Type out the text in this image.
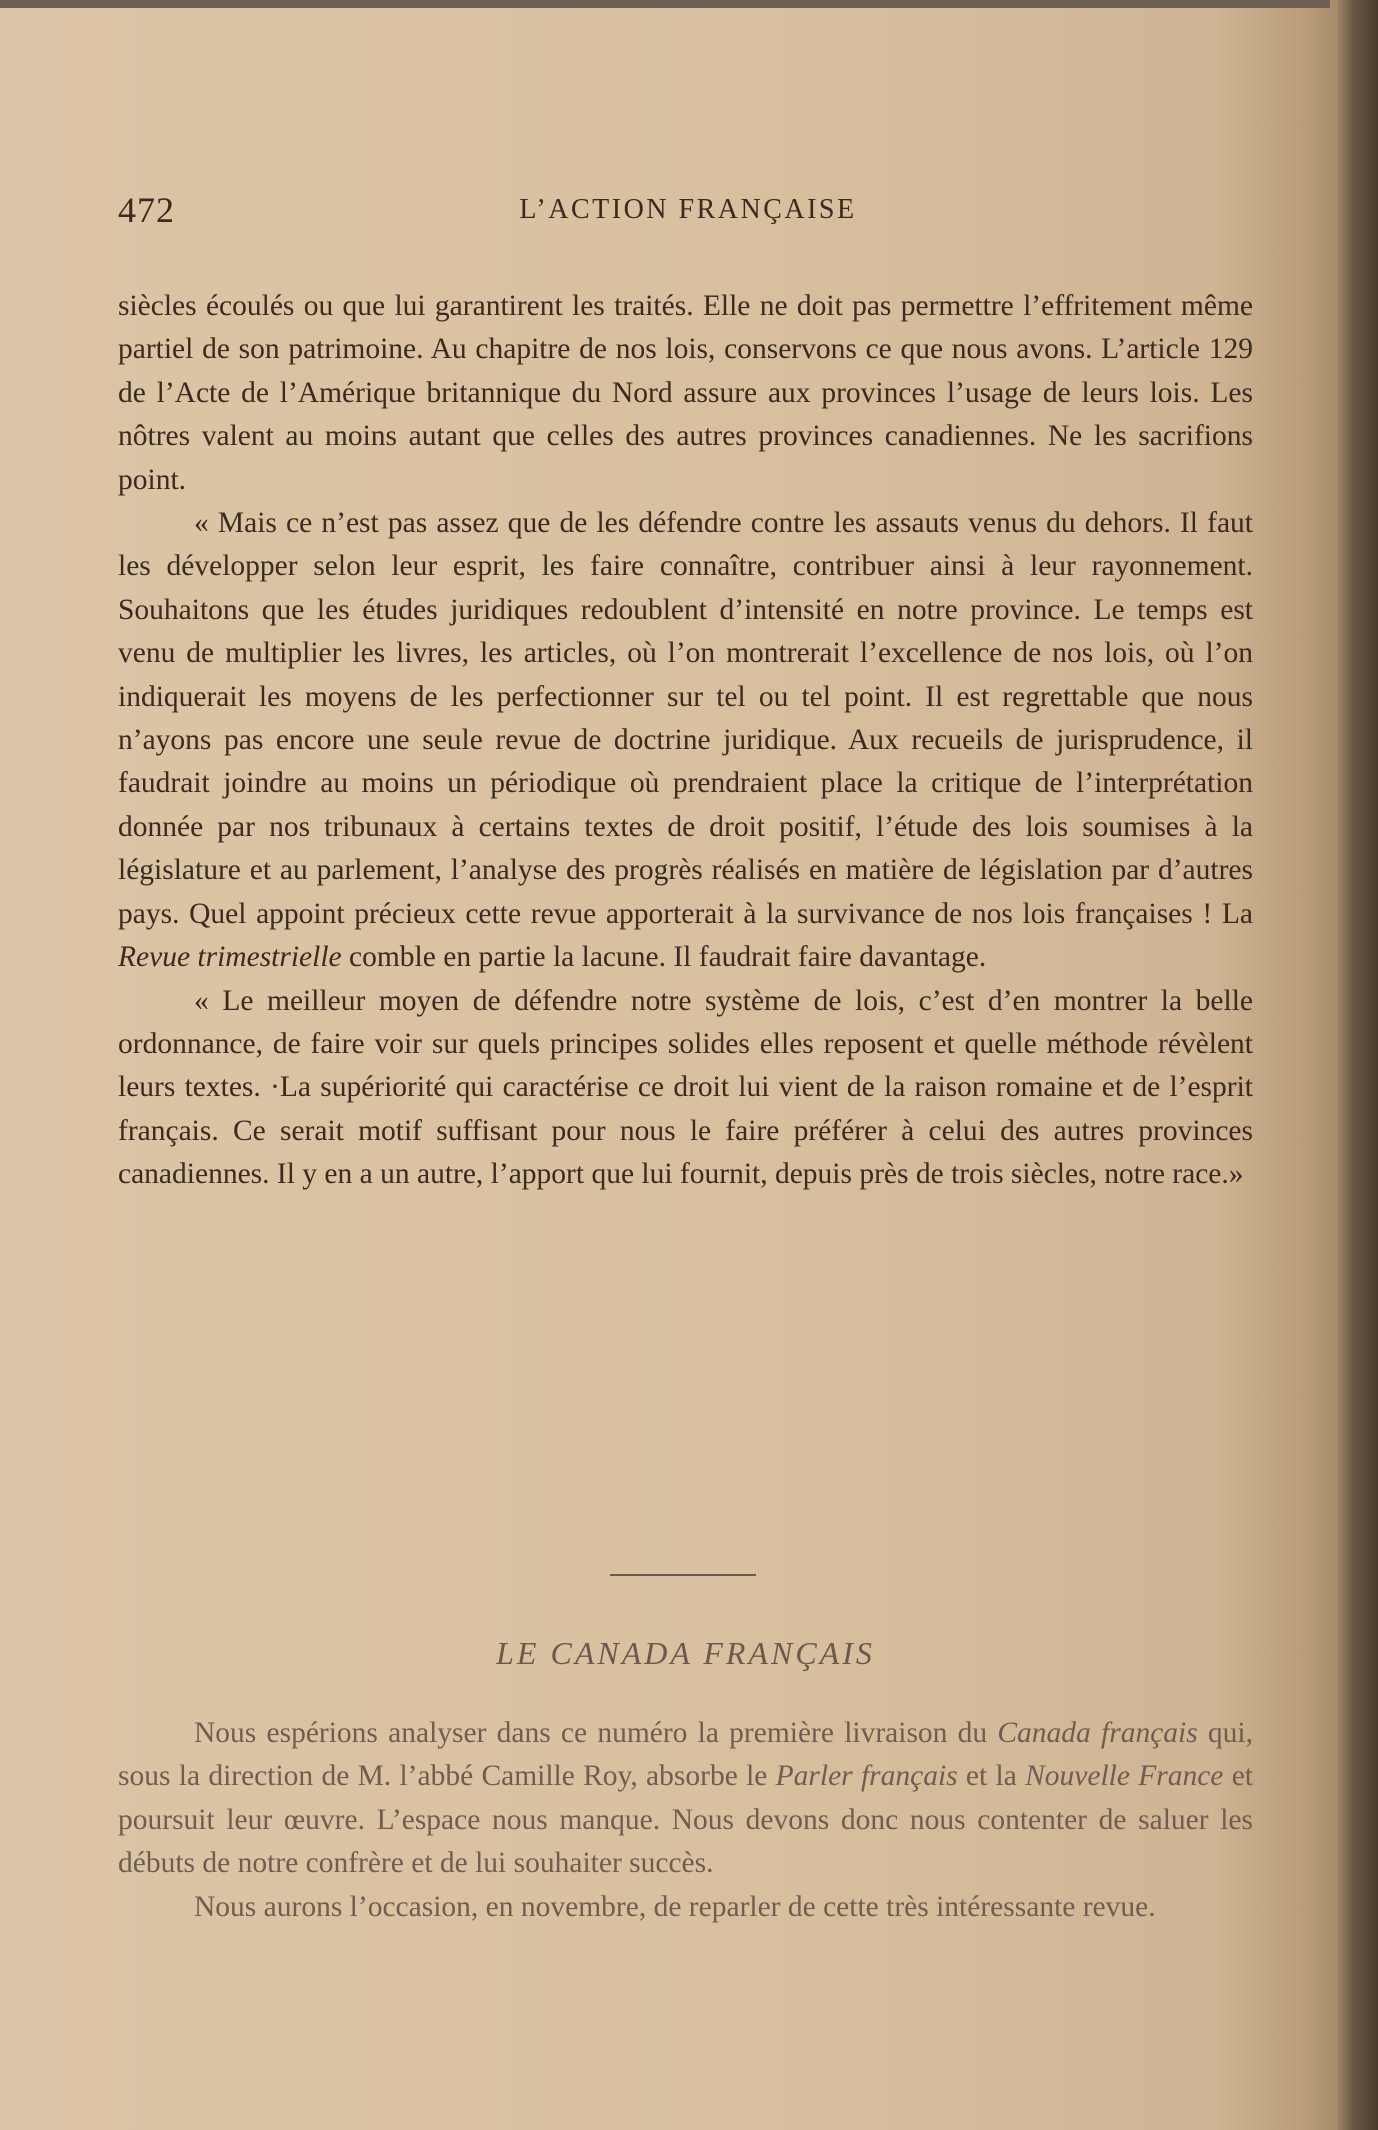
472	L’ACTION FRANÇAISE

siècles écoulés ou que lui garantirent les traités. Elle ne doit pas permettre l’effritement même partiel de son patrimoine. Au chapitre de nos lois, conservons ce que nous avons. L’article 129 de l’Acte de l’Amérique britannique du Nord assure aux provinces l’usage de leurs lois. Les nôtres valent au moins autant que celles des autres provinces canadiennes. Ne les sacrifions point.

« Mais ce n’est pas assez que de les défendre contre les assauts venus du dehors. Il faut les développer selon leur esprit, les faire connaître, contribuer ainsi à leur rayonnement. Souhaitons que les études juridiques redoublent d’intensité en notre province. Le temps est venu de multiplier les livres, les articles, où l’on montrerait l’excellence de nos lois, où l’on indiquerait les moyens de les perfectionner sur tel ou tel point. Il est regrettable que nous n’ayons pas encore une seule revue de doctrine juridique. Aux recueils de jurisprudence, il faudrait joindre au moins un périodique où prendraient place la critique de l’interprétation donnée par nos tribunaux à certains textes de droit positif, l’étude des lois soumises à la législature et au parlement, l’analyse des progrès réalisés en matière de législation par d’autres pays. Quel appoint précieux cette revue apporterait à la survivance de nos lois françaises ! La Revue trimestrielle comble en partie la lacune. Il faudrait faire davantage.

« Le meilleur moyen de défendre notre système de lois, c’est d’en montrer la belle ordonnance, de faire voir sur quels principes solides elles reposent et quelle méthode révèlent leurs textes. ·La supériorité qui caractérise ce droit lui vient de la raison romaine et de l’esprit français. Ce serait motif suffisant pour nous le faire préférer à celui des autres provinces canadiennes. Il y en a un autre, l’apport que lui fournit, depuis près de trois siècles, notre race.»

LE CANADA FRANÇAIS

Nous espérions analyser dans ce numéro la première livraison du Canada français qui, sous la direction de M. l’abbé Camille Roy, absorbe le Parler français et la Nouvelle France et poursuit leur œuvre. L’espace nous manque. Nous devons donc nous contenter de saluer les débuts de notre confrère et de lui souhaiter succès.

Nous aurons l’occasion, en novembre, de reparler de cette très intéressante revue.
